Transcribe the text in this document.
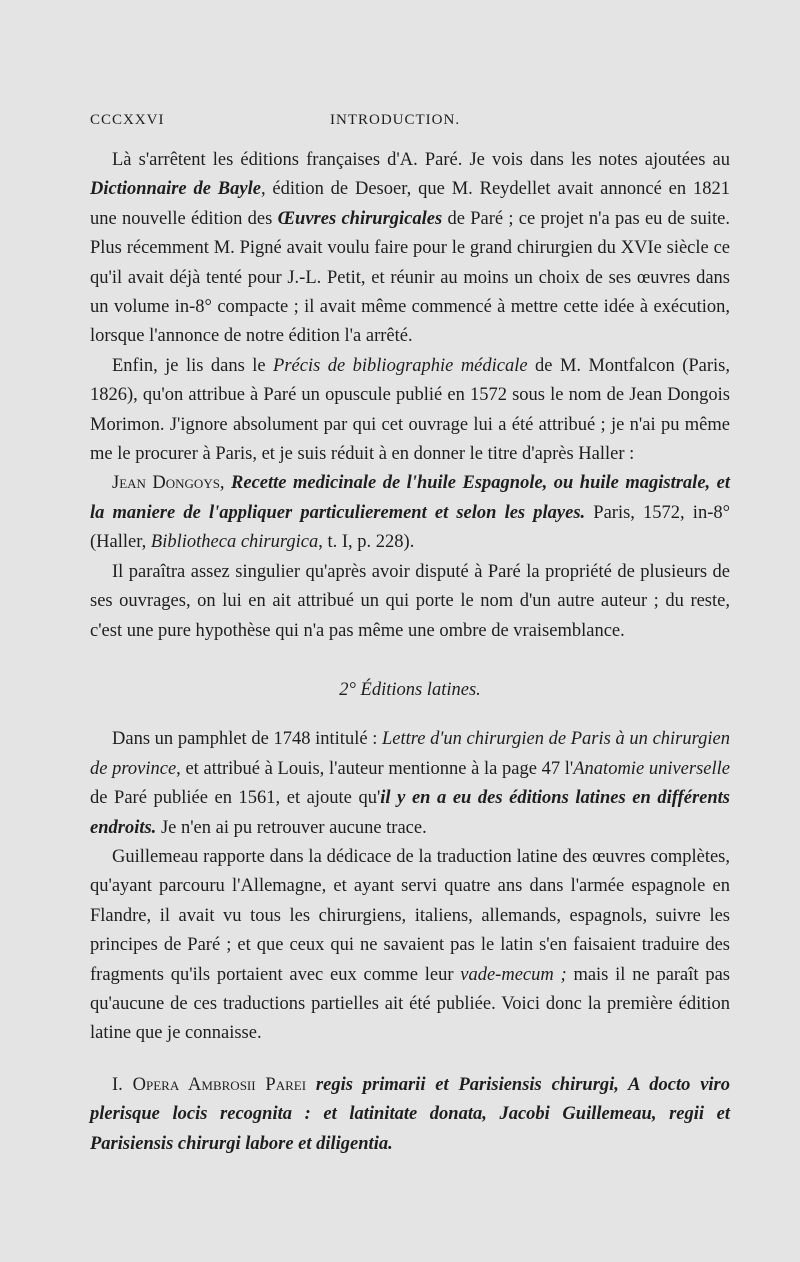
CCCXXVI	INTRODUCTION.

Là s'arrêtent les éditions françaises d'A. Paré. Je vois dans les notes ajoutées au Dictionnaire de Bayle, édition de Desoer, que M. Reydellet avait annoncé en 1821 une nouvelle édition des Œuvres chirurgicales de Paré ; ce projet n'a pas eu de suite. Plus récemment M. Pigné avait voulu faire pour le grand chirurgien du XVIe siècle ce qu'il avait déjà tenté pour J.-L. Petit, et réunir au moins un choix de ses œuvres dans un volume in-8° compacte ; il avait même commencé à mettre cette idée à exécution, lorsque l'annonce de notre édition l'a arrêté.

Enfin, je lis dans le Précis de bibliographie médicale de M. Montfalcon (Paris, 1826), qu'on attribue à Paré un opuscule publié en 1572 sous le nom de Jean Dongois Morimon. J'ignore absolument par qui cet ouvrage lui a été attribué ; je n'ai pu même me le procurer à Paris, et je suis réduit à en donner le titre d'après Haller :

Jean Dongoys, Recette medicinale de l'huile Espagnole, ou huile magistrale, et la maniere de l'appliquer particulierement et selon les playes. Paris, 1572, in-8° (Haller, Bibliotheca chirurgica, t. I, p. 228).

Il paraîtra assez singulier qu'après avoir disputé à Paré la propriété de plusieurs de ses ouvrages, on lui en ait attribué un qui porte le nom d'un autre auteur ; du reste, c'est une pure hypothèse qui n'a pas même une ombre de vraisemblance.

2° Éditions latines.

Dans un pamphlet de 1748 intitulé : Lettre d'un chirurgien de Paris à un chirurgien de province, et attribué à Louis, l'auteur mentionne à la page 47 l'Anatomie universelle de Paré publiée en 1561, et ajoute qu'il y en a eu des éditions latines en différents endroits. Je n'en ai pu retrouver aucune trace.

Guillemeau rapporte dans la dédicace de la traduction latine des œuvres complètes, qu'ayant parcouru l'Allemagne, et ayant servi quatre ans dans l'armée espagnole en Flandre, il avait vu tous les chirurgiens, italiens, allemands, espagnols, suivre les principes de Paré ; et que ceux qui ne savaient pas le latin s'en faisaient traduire des fragments qu'ils portaient avec eux comme leur vade-mecum ; mais il ne paraît pas qu'aucune de ces traductions partielles ait été publiée. Voici donc la première édition latine que je connaisse.

I. Opera Ambrosii Parei regis primarii et Parisiensis chirurgi, A docto viro plerisque locis recognita : et latinitate donata, Jacobi Guillemeau, regii et Parisiensis chirurgi labore et diligentia.
